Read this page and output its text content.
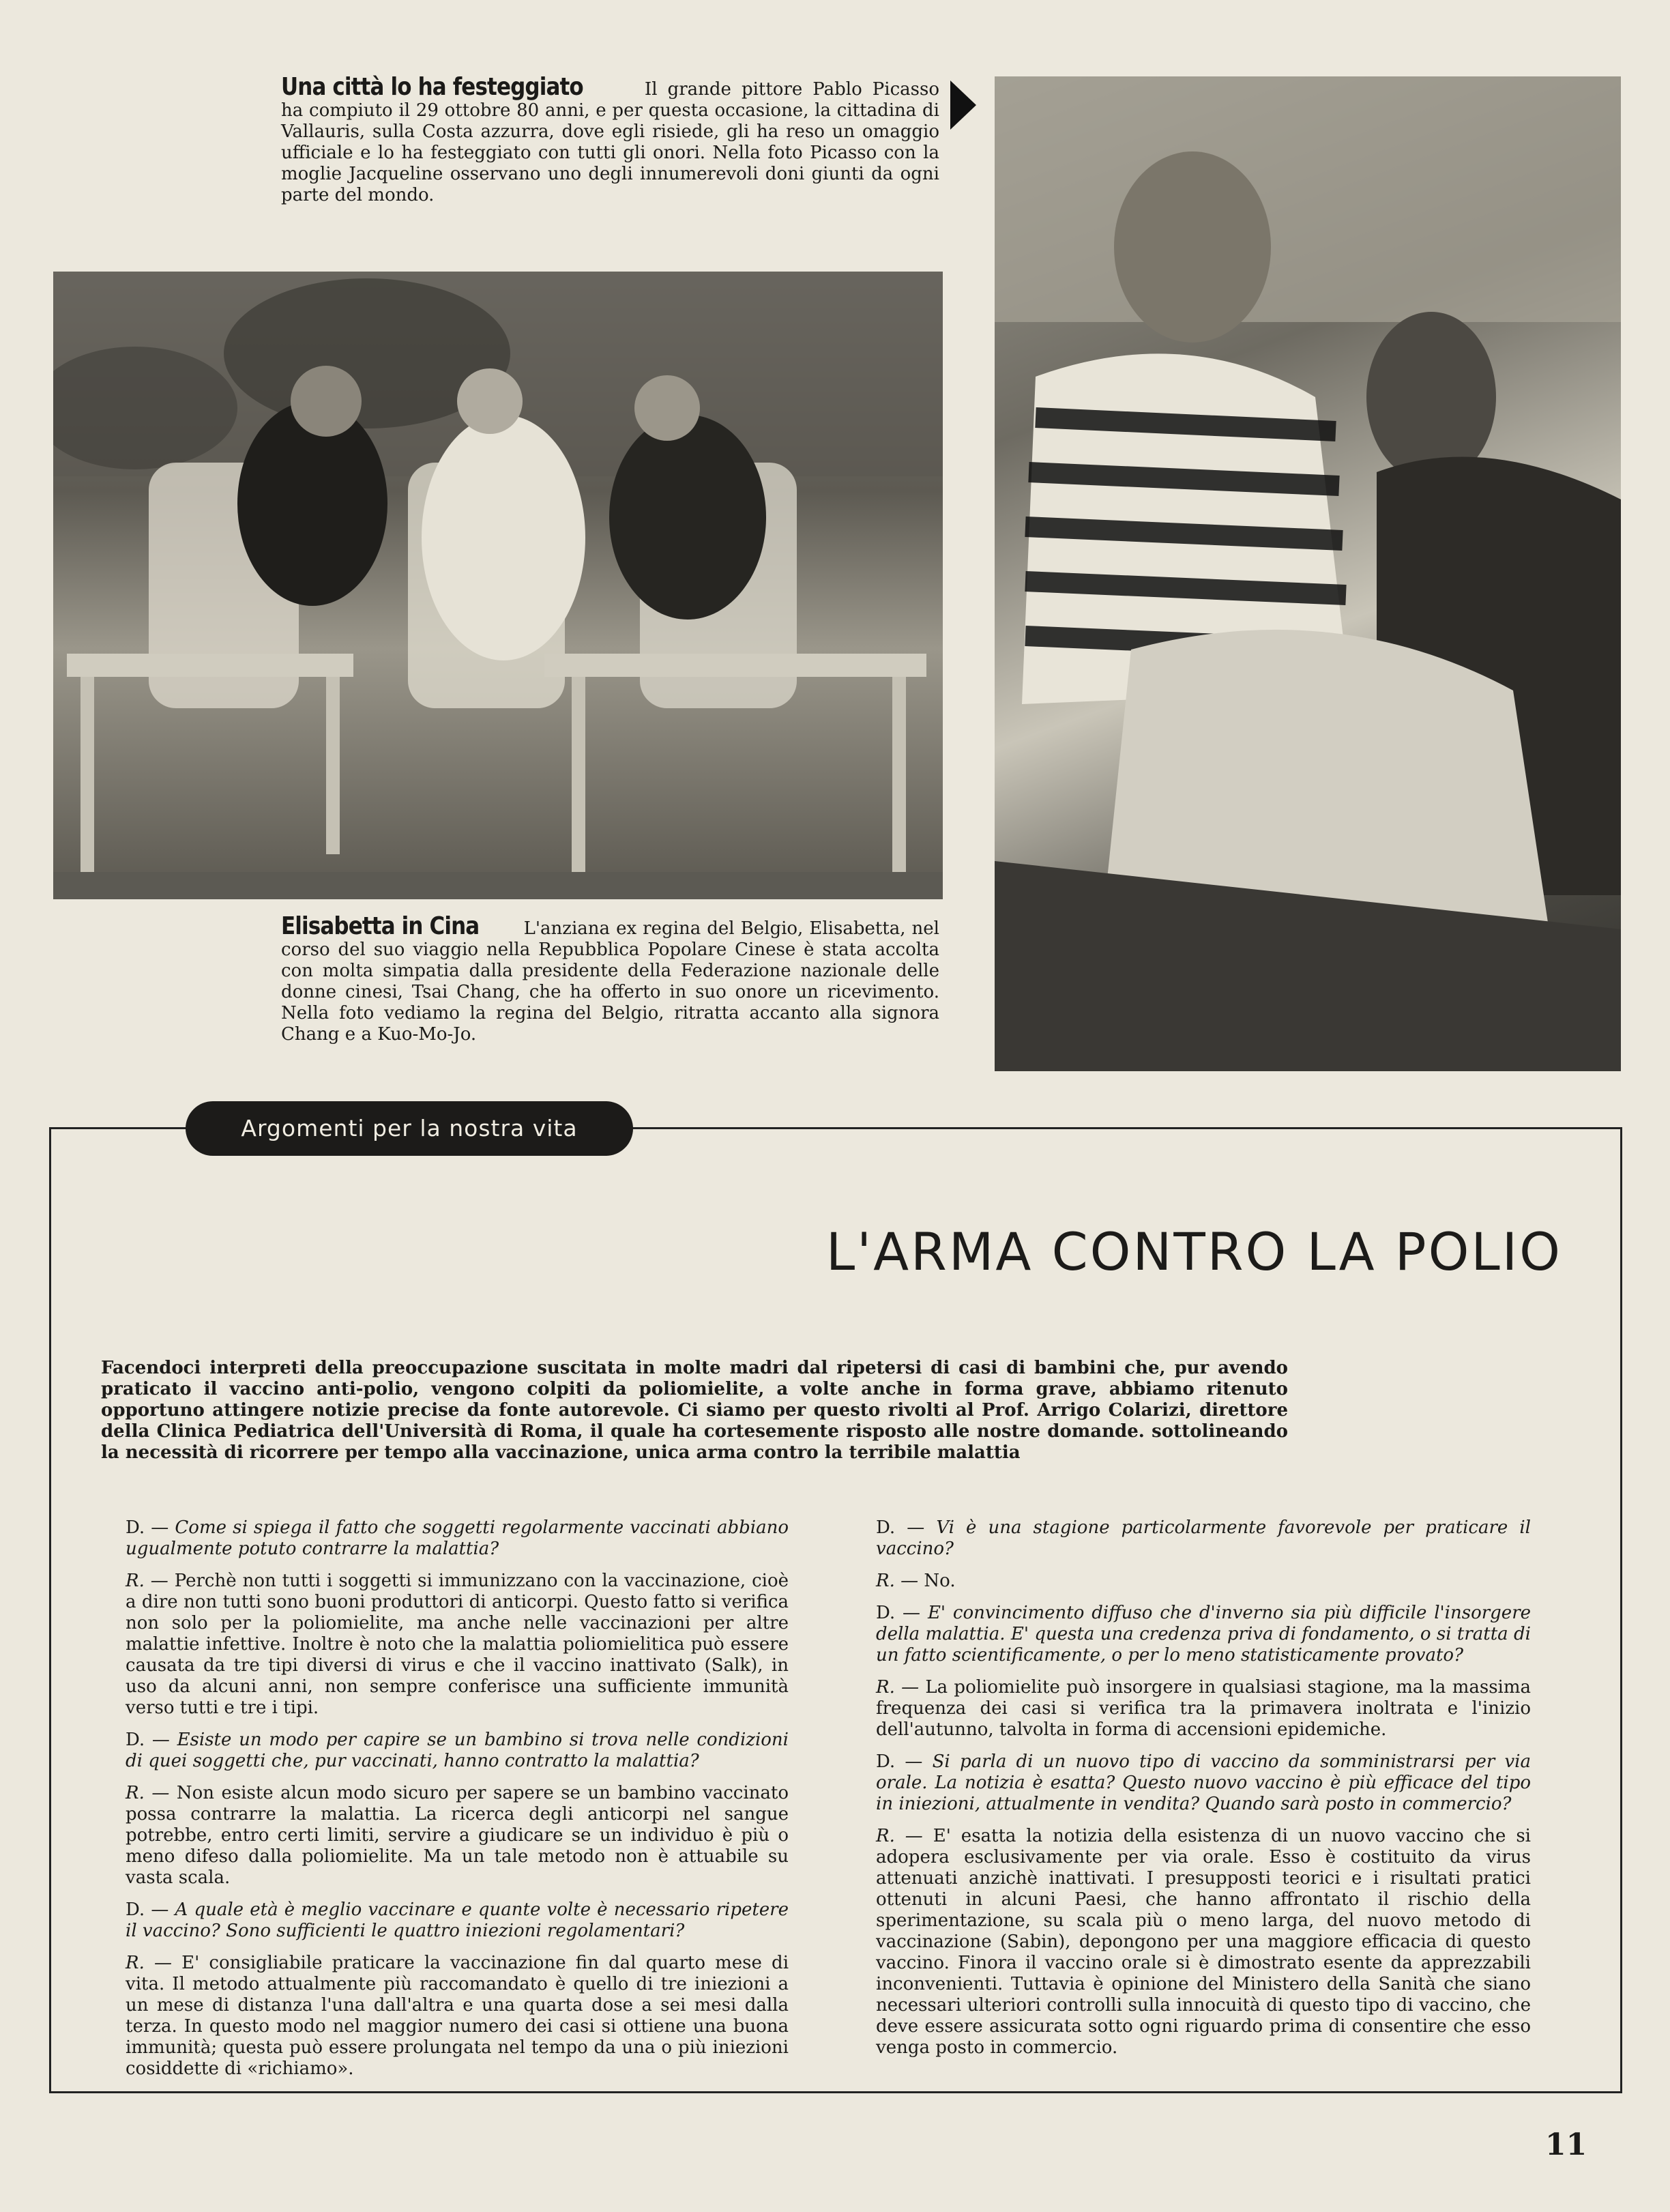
Una città lo ha festeggiato	Il grande pittore Pablo Picasso ha compiuto il 29 ottobre 80 anni, e per questa occasione, la cittadina di Vallauris, sulla Costa azzurra, dove egli risiede, gli ha reso un omaggio ufficiale e lo ha festeggiato con tutti gli onori. Nella foto Picasso con la moglie Jacqueline osservano uno degli innumerevoli doni giunti da ogni parte del mondo.
Elisabetta in Cina	L'anziana ex regina del Belgio, Elisabetta, nel corso del suo viaggio nella Repubblica Popolare Cinese è stata accolta con molta simpatia dalla presidente della Federazione nazionale delle donne cinesi, Tsai Chang, che ha offerto in suo onore un ricevimento. Nella foto vediamo la regina del Belgio, ritratta accanto alla signora Chang e a Kuo-Mo-Jo.
Argomenti per la nostra vita
L'ARMA CONTRO LA POLIO
Facendoci interpreti della preoccupazione suscitata in molte madri dal ripetersi di casi di bambini che, pur avendo praticato il vaccino anti-polio, vengono colpiti da poliomielite, a volte anche in forma grave, abbiamo ritenuto opportuno attingere notizie precise da fonte autorevole. Ci siamo per questo rivolti al Prof. Arrigo Colarizi, direttore della Clinica Pediatrica dell'Università di Roma, il quale ha cortesemente risposto alle nostre domande. sottolineando la necessità di ricorrere per tempo alla vaccinazione, unica arma contro la terribile malattia

D. — Come si spiega il fatto che soggetti regolarmente vaccinati abbiano ugualmente potuto contrarre la malattia?

R. — Perchè non tutti i soggetti si immunizzano con la vaccinazione, cioè a dire non tutti sono buoni produttori di anticorpi. Questo fatto si verifica non solo per la poliomielite, ma anche nelle vaccinazioni per altre malattie infettive. Inoltre è noto che la malattia poliomielitica può essere causata da tre tipi diversi di virus e che il vaccino inattivato (Salk), in uso da alcuni anni, non sempre conferisce una sufficiente immunità verso tutti e tre i tipi.

D. — Esiste un modo per capire se un bambino si trova nelle condizioni di quei soggetti che, pur vaccinati, hanno contratto la malattia?

R. — Non esiste alcun modo sicuro per sapere se un bambino vaccinato possa contrarre la malattia. La ricerca degli anticorpi nel sangue potrebbe, entro certi limiti, servire a giudicare se un individuo è più o meno difeso dalla poliomielite. Ma un tale metodo non è attuabile su vasta scala.

D. — A quale età è meglio vaccinare e quante volte è necessario ripetere il vaccino? Sono sufficienti le quattro iniezioni regolamentari?

R. — E' consigliabile praticare la vaccinazione fin dal quarto mese di vita. Il metodo attualmente più raccomandato è quello di tre iniezioni a un mese di distanza l'una dall'altra e una quarta dose a sei mesi dalla terza. In questo modo nel maggior numero dei casi si ottiene una buona immunità; questa può essere prolungata nel tempo da una o più iniezioni cosiddette di «richiamo».

D. — Vi è una stagione particolarmente favorevole per praticare il vaccino?

R. — No.

D. — E' convincimento diffuso che d'inverno sia più difficile l'insorgere della malattia. E' questa una credenza priva di fondamento, o si tratta di un fatto scientificamente, o per lo meno statisticamente provato?

R. — La poliomielite può insorgere in qualsiasi stagione, ma la massima frequenza dei casi si verifica tra la primavera inoltrata e l'inizio dell'autunno, talvolta in forma di accensioni epidemiche.

D. — Si parla di un nuovo tipo di vaccino da somministrarsi per via orale. La notizia è esatta? Questo nuovo vaccino è più efficace del tipo in iniezioni, attualmente in vendita? Quando sarà posto in commercio?

R. — E' esatta la notizia della esistenza di un nuovo vaccino che si adopera esclusivamente per via orale. Esso è costituito da virus attenuati anzichè inattivati. I presupposti teorici e i risultati pratici ottenuti in alcuni Paesi, che hanno affrontato il rischio della sperimentazione, su scala più o meno larga, del nuovo metodo di vaccinazione (Sabin), depongono per una maggiore efficacia di questo vaccino. Finora il vaccino orale si è dimostrato esente da apprezzabili inconvenienti. Tuttavia è opinione del Ministero della Sanità che siano necessari ulteriori controlli sulla innocuità di questo tipo di vaccino, che deve essere assicurata sotto ogni riguardo prima di consentire che esso venga posto in commercio.

11
